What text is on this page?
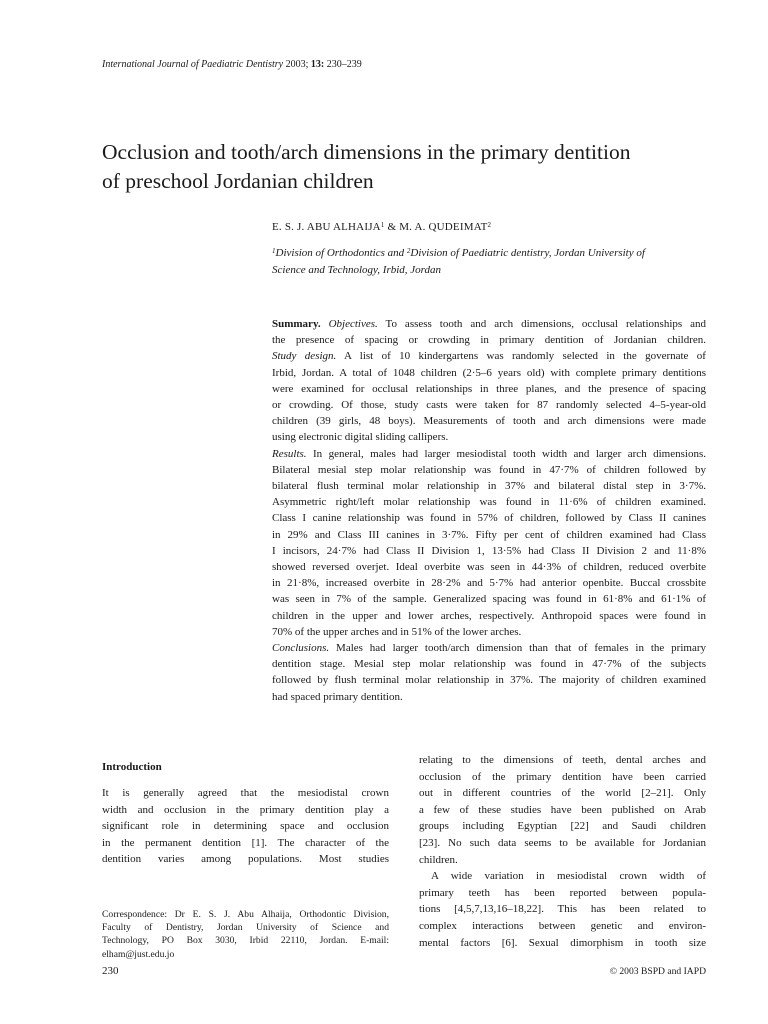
International Journal of Paediatric Dentistry 2003; 13: 230–239
Occlusion and tooth/arch dimensions in the primary dentition
of preschool Jordanian children
E. S. J. ABU ALHAIJA$^1$ & M. A. QUDEIMAT$^2$
$^1$Division of Orthodontics and $^2$Division of Paediatric dentistry, Jordan University of
Science and Technology, Irbid, Jordan
Summary. Objectives. To assess tooth and arch dimensions, occlusal relationships and
the presence of spacing or crowding in primary dentition of Jordanian children.
Study design. A list of 10 kindergartens was randomly selected in the governate of
Irbid, Jordan. A total of 1048 children (2·5–6 years old) with complete primary dentitions
were examined for occlusal relationships in three planes, and the presence of spacing
or crowding. Of those, study casts were taken for 87 randomly selected 4–5-year-old
children (39 girls, 48 boys). Measurements of tooth and arch dimensions were made
using electronic digital sliding callipers.
Results. In general, males had larger mesiodistal tooth width and larger arch dimensions.
Bilateral mesial step molar relationship was found in 47·7% of children followed by
bilateral flush terminal molar relationship in 37% and bilateral distal step in 3·7%.
Asymmetric right/left molar relationship was found in 11·6% of children examined.
Class I canine relationship was found in 57% of children, followed by Class II canines
in 29% and Class III canines in 3·7%. Fifty per cent of children examined had Class
I incisors, 24·7% had Class II Division 1, 13·5% had Class II Division 2 and 11·8%
showed reversed overjet. Ideal overbite was seen in 44·3% of children, reduced overbite
in 21·8%, increased overbite in 28·2% and 5·7% had anterior openbite. Buccal crossbite
was seen in 7% of the sample. Generalized spacing was found in 61·8% and 61·1% of
children in the upper and lower arches, respectively. Anthropoid spaces were found in
70% of the upper arches and in 51% of the lower arches.
Conclusions. Males had larger tooth/arch dimension than that of females in the primary
dentition stage. Mesial step molar relationship was found in 47·7% of the subjects
followed by flush terminal molar relationship in 37%. The majority of children examined
had spaced primary dentition.
Introduction
It is generally agreed that the mesiodistal crown
width and occlusion in the primary dentition play a
significant role in determining space and occlusion
in the permanent dentition [1]. The character of the
dentition varies among populations. Most studies
relating to the dimensions of teeth, dental arches and
occlusion of the primary dentition have been carried
out in different countries of the world [2–21]. Only
a few of these studies have been published on Arab
groups including Egyptian [22] and Saudi children
[23]. No such data seems to be available for Jordanian
children.
A wide variation in mesiodistal crown width of
primary teeth has been reported between popula-
tions [4,5,7,13,16–18,22]. This has been related to
complex interactions between genetic and environ-
mental factors [6]. Sexual dimorphism in tooth size
Correspondence: Dr E. S. J. Abu Alhaija, Orthodontic Division,
Faculty of Dentistry, Jordan University of Science and
Technology, PO Box 3030, Irbid 22110, Jordan. E-mail:
elham@just.edu.jo
230	© 2003 BSPD and IAPD
